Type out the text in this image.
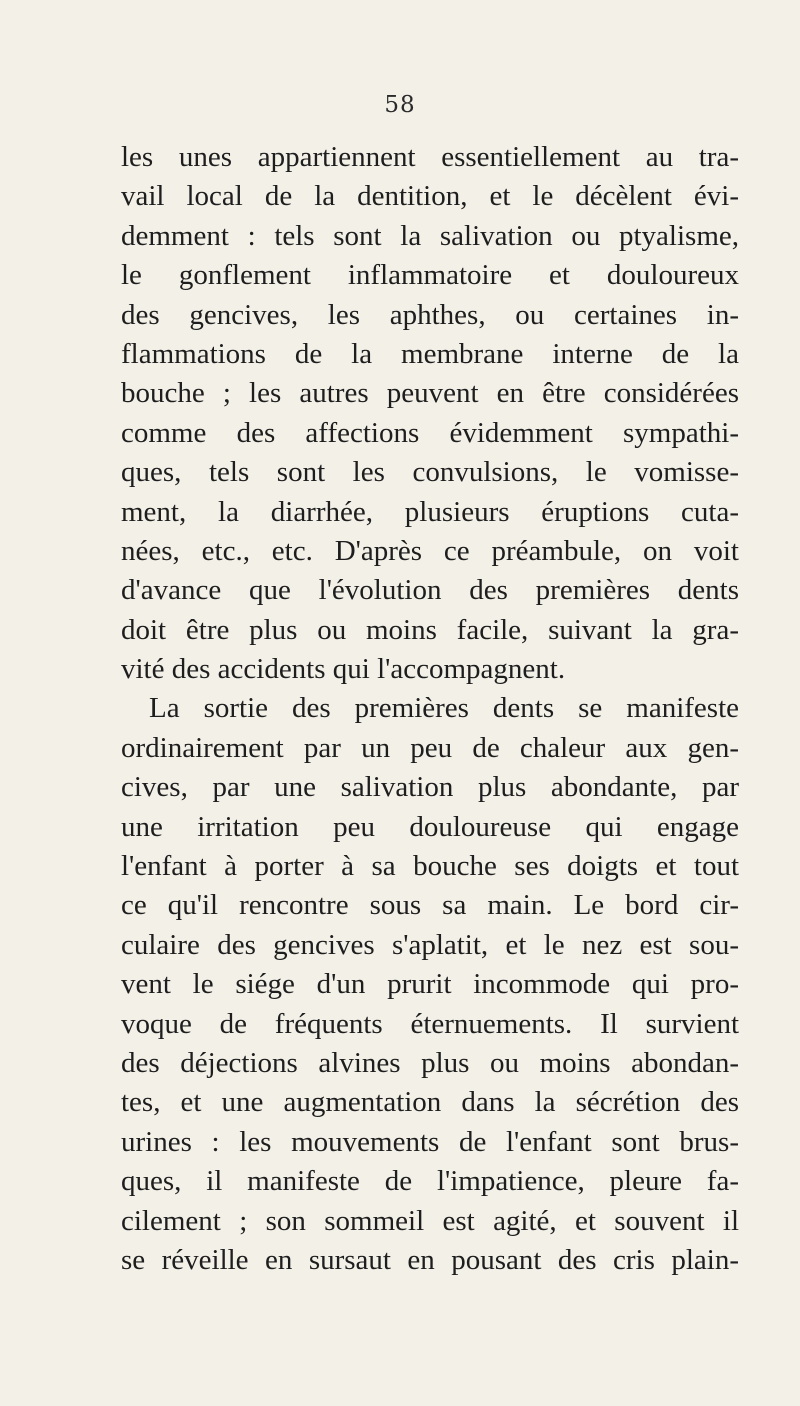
58
les unes appartiennent essentiellement au tra-
vail local de la dentition, et le décèlent évi-
demment : tels sont la salivation ou ptyalisme,
le gonflement inflammatoire et douloureux
des gencives, les aphthes, ou certaines in-
flammations de la membrane interne de la
bouche ; les autres peuvent en être considérées
comme des affections évidemment sympathi-
ques, tels sont les convulsions, le vomisse-
ment, la diarrhée, plusieurs éruptions cuta-
nées, etc., etc. D'après ce préambule, on voit
d'avance que l'évolution des premières dents
doit être plus ou moins facile, suivant la gra-
vité des accidents qui l'accompagnent.
La sortie des premières dents se manifeste
ordinairement par un peu de chaleur aux gen-
cives, par une salivation plus abondante, par
une irritation peu douloureuse qui engage
l'enfant à porter à sa bouche ses doigts et tout
ce qu'il rencontre sous sa main. Le bord cir-
culaire des gencives s'aplatit, et le nez est sou-
vent le siége d'un prurit incommode qui pro-
voque de fréquents éternuements. Il survient
des déjections alvines plus ou moins abondan-
tes, et une augmentation dans la sécrétion des
urines : les mouvements de l'enfant sont brus-
ques, il manifeste de l'impatience, pleure fa-
cilement ; son sommeil est agité, et souvent il
se réveille en sursaut en pousant des cris plain-
